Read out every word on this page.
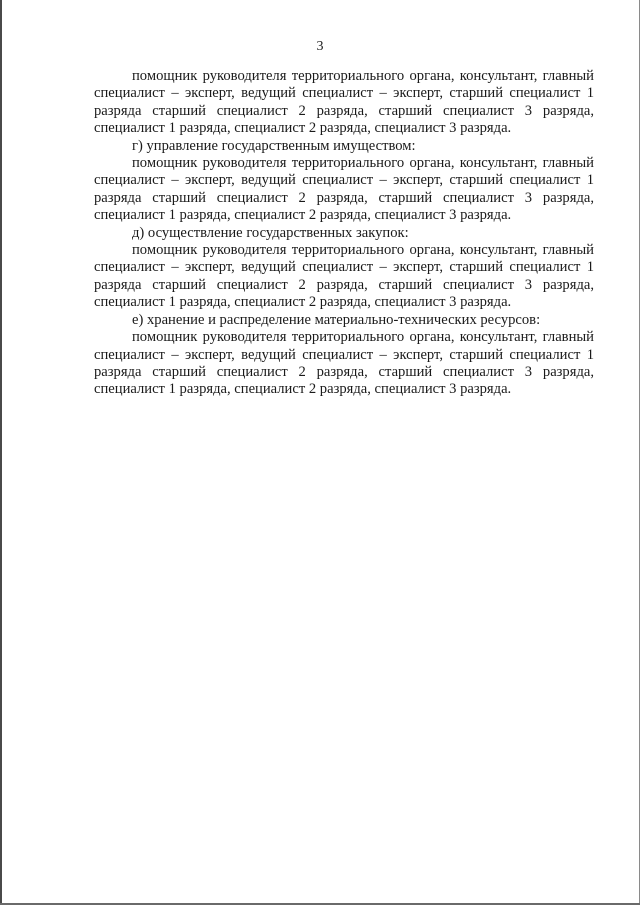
3

помощник руководителя территориального органа, консультант, главный специалист – эксперт, ведущий специалист – эксперт, старший специалист 1 разряда старший специалист 2 разряда, старший специалист 3 разряда, специалист 1 разряда, специалист 2 разряда, специалист 3 разряда.

г) управление государственным имуществом:

помощник руководителя территориального органа, консультант, главный специалист – эксперт, ведущий специалист – эксперт, старший специалист 1 разряда старший специалист 2 разряда, старший специалист 3 разряда, специалист 1 разряда, специалист 2 разряда, специалист 3 разряда.

д) осуществление государственных закупок:

помощник руководителя территориального органа, консультант, главный специалист – эксперт, ведущий специалист – эксперт, старший специалист 1 разряда старший специалист 2 разряда, старший специалист 3 разряда, специалист 1 разряда, специалист 2 разряда, специалист 3 разряда.

е) хранение и распределение материально-технических ресурсов:

помощник руководителя территориального органа, консультант, главный специалист – эксперт, ведущий специалист – эксперт, старший специалист 1 разряда старший специалист 2 разряда, старший специалист 3 разряда, специалист 1 разряда, специалист 2 разряда, специалист 3 разряда.
